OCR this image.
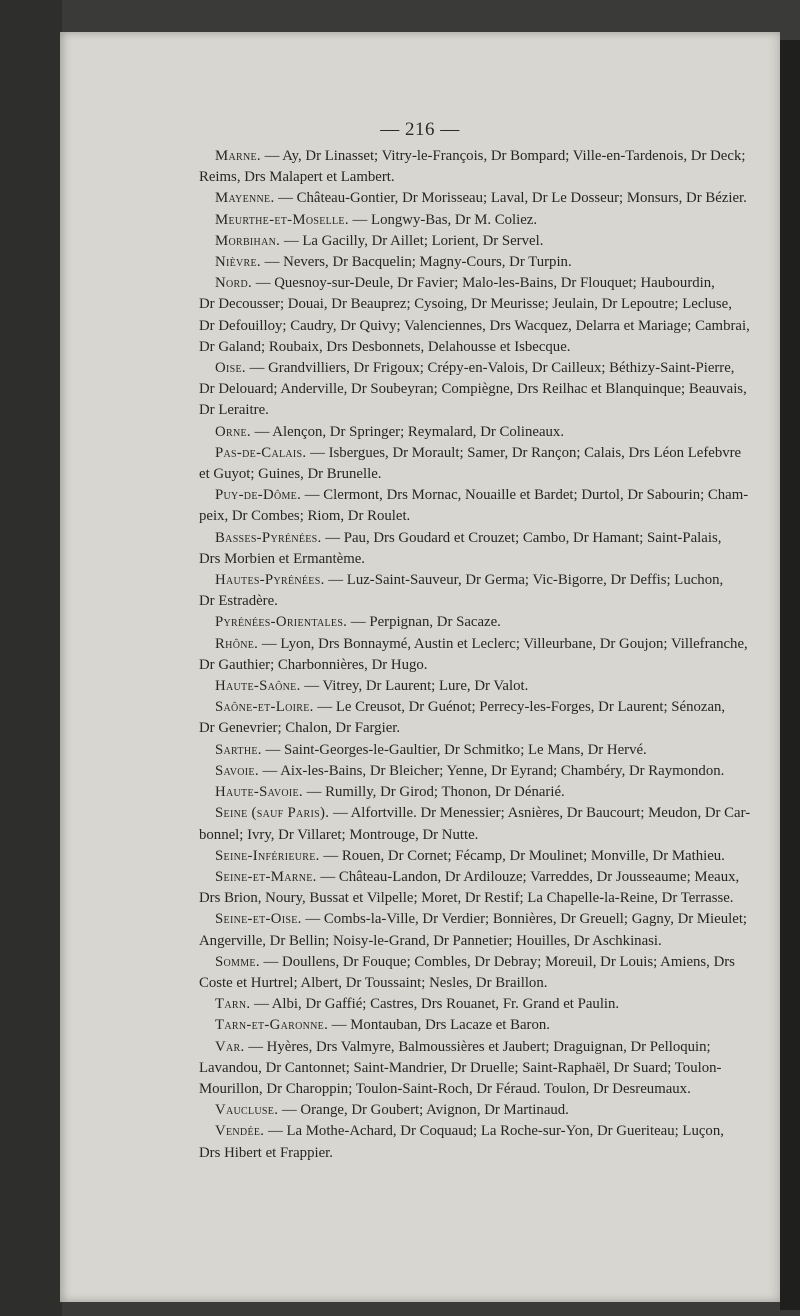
— 216 —
Marne. — Ay, Dr Linasset; Vitry-le-François, Dr Bompard; Ville-en-Tardenois, Dr Deck;
Reims, Drs Malapert et Lambert.
Mayenne. — Château-Gontier, Dr Morisseau; Laval, Dr Le Dosseur; Monsurs, Dr Bézier.
Meurthe-et-Moselle. — Longwy-Bas, Dr M. Coliez.
Morbihan. — La Gacilly, Dr Aillet; Lorient, Dr Servel.
Nièvre. — Nevers, Dr Bacquelin; Magny-Cours, Dr Turpin.
Nord. — Quesnoy-sur-Deule, Dr Favier; Malo-les-Bains, Dr Flouquet; Haubourdin,
Dr Decousser; Douai, Dr Beauprez; Cysoing, Dr Meurisse; Jeulain, Dr Lepoutre; Lecluse,
Dr Defouilloy; Caudry, Dr Quivy; Valenciennes, Drs Wacquez, Delarra et Mariage; Cambrai,
Dr Galand; Roubaix, Drs Desbonnets, Delahousse et Isbecque.
Oise. — Grandvilliers, Dr Frigoux; Crépy-en-Valois, Dr Cailleux; Béthizy-Saint-Pierre,
Dr Delouard; Anderville, Dr Soubeyran; Compiègne, Drs Reilhac et Blanquinque; Beauvais,
Dr Leraitre.
Orne. — Alençon, Dr Springer; Reymalard, Dr Colineaux.
Pas-de-Calais. — Isbergues, Dr Morault; Samer, Dr Rançon; Calais, Drs Léon Lefebvre
et Guyot; Guines, Dr Brunelle.
Puy-de-Dôme. — Clermont, Drs Mornac, Nouaille et Bardet; Durtol, Dr Sabourin; Cham-
peix, Dr Combes; Riom, Dr Roulet.
Basses-Pyrénées. — Pau, Drs Goudard et Crouzet; Cambo, Dr Hamant; Saint-Palais,
Drs Morbien et Ermantème.
Hautes-Pyrénées. — Luz-Saint-Sauveur, Dr Germa; Vic-Bigorre, Dr Deffis; Luchon,
Dr Estradère.
Pyrénées-Orientales. — Perpignan, Dr Sacaze.
Rhône. — Lyon, Drs Bonnaymé, Austin et Leclerc; Villeurbane, Dr Goujon; Villefranche,
Dr Gauthier; Charbonnières, Dr Hugo.
Haute-Saône. — Vitrey, Dr Laurent; Lure, Dr Valot.
Saône-et-Loire. — Le Creusot, Dr Guénot; Perrecy-les-Forges, Dr Laurent; Sénozan,
Dr Genevrier; Chalon, Dr Fargier.
Sarthe. — Saint-Georges-le-Gaultier, Dr Schmitko; Le Mans, Dr Hervé.
Savoie. — Aix-les-Bains, Dr Bleicher; Yenne, Dr Eyrand; Chambéry, Dr Raymondon.
Haute-Savoie. — Rumilly, Dr Girod; Thonon, Dr Dénarié.
Seine (sauf Paris). — Alfortville. Dr Menessier; Asnières, Dr Baucourt; Meudon, Dr Car-
bonnel; Ivry, Dr Villaret; Montrouge, Dr Nutte.
Seine-Inférieure. — Rouen, Dr Cornet; Fécamp, Dr Moulinet; Monville, Dr Mathieu.
Seine-et-Marne. — Château-Landon, Dr Ardilouze; Varreddes, Dr Jousseaume; Meaux,
Drs Brion, Noury, Bussat et Vilpelle; Moret, Dr Restif; La Chapelle-la-Reine, Dr Terrasse.
Seine-et-Oise. — Combs-la-Ville, Dr Verdier; Bonnières, Dr Greuell; Gagny, Dr Mieulet;
Angerville, Dr Bellin; Noisy-le-Grand, Dr Pannetier; Houilles, Dr Aschkinasi.
Somme. — Doullens, Dr Fouque; Combles, Dr Debray; Moreuil, Dr Louis; Amiens, Drs
Coste et Hurtrel; Albert, Dr Toussaint; Nesles, Dr Braillon.
Tarn. — Albi, Dr Gaffié; Castres, Drs Rouanet, Fr. Grand et Paulin.
Tarn-et-Garonne. — Montauban, Drs Lacaze et Baron.
Var. — Hyères, Drs Valmyre, Balmoussières et Jaubert; Draguignan, Dr Pelloquin;
Lavandou, Dr Cantonnet; Saint-Mandrier, Dr Druelle; Saint-Raphaël, Dr Suard; Toulon-
Mourillon, Dr Charoppin; Toulon-Saint-Roch, Dr Féraud. Toulon, Dr Desreumaux.
Vaucluse. — Orange, Dr Goubert; Avignon, Dr Martinaud.
Vendée. — La Mothe-Achard, Dr Coquaud; La Roche-sur-Yon, Dr Gueriteau; Luçon,
Drs Hibert et Frappier.
